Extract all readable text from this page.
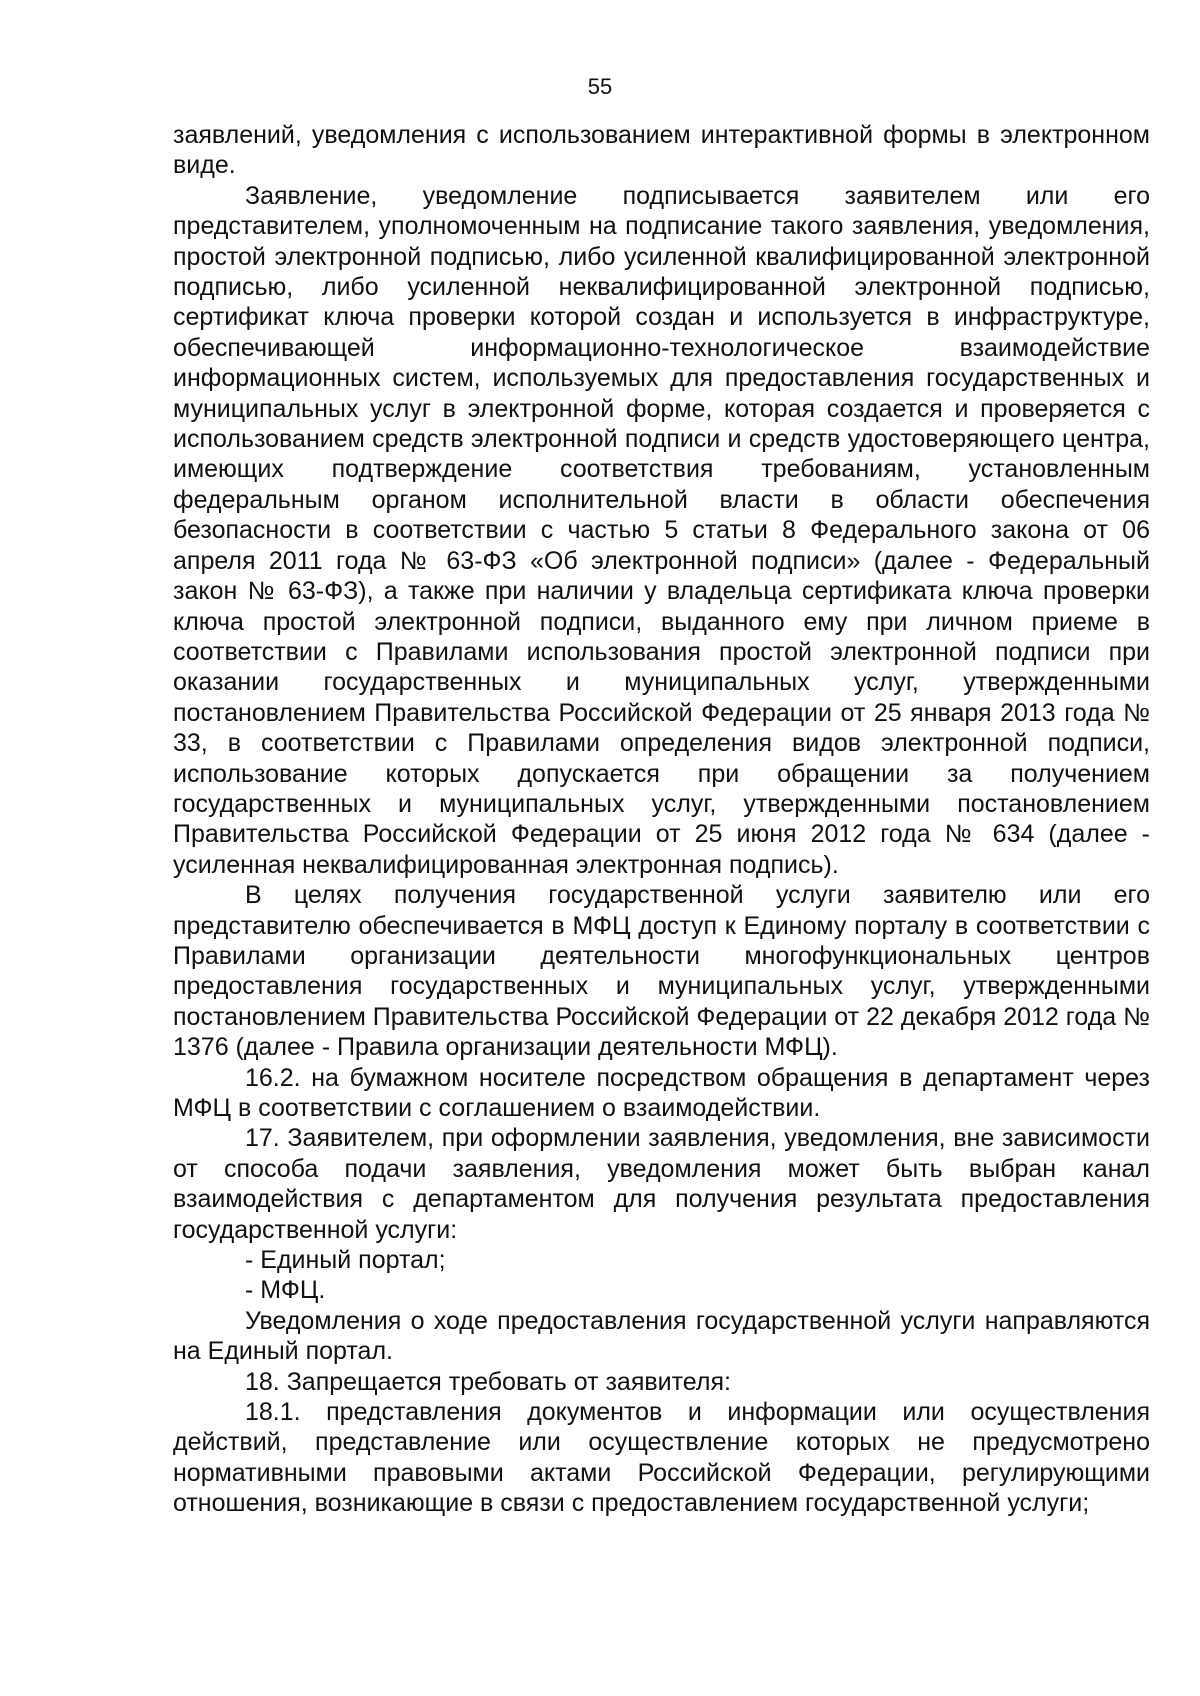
55

заявлений, уведомления с использованием интерактивной формы в электронном виде.

Заявление, уведомление подписывается заявителем или его представителем, уполномоченным на подписание такого заявления, уведомления, простой электронной подписью, либо усиленной квалифицированной электронной подписью, либо усиленной неквалифицированной электронной подписью, сертификат ключа проверки которой создан и используется в инфраструктуре, обеспечивающей информационно-технологическое взаимодействие информационных систем, используемых для предоставления государственных и муниципальных услуг в электронной форме, которая создается и проверяется с использованием средств электронной подписи и средств удостоверяющего центра, имеющих подтверждение соответствия требованиям, установленным федеральным органом исполнительной власти в области обеспечения безопасности в соответствии с частью 5 статьи 8 Федерального закона от 06 апреля 2011 года № 63-ФЗ «Об электронной подписи» (далее - Федеральный закон № 63-ФЗ), а также при наличии у владельца сертификата ключа проверки ключа простой электронной подписи, выданного ему при личном приеме в соответствии с Правилами использования простой электронной подписи при оказании государственных и муниципальных услуг, утвержденными постановлением Правительства Российской Федерации от 25 января 2013 года № 33, в соответствии с Правилами определения видов электронной подписи, использование которых допускается при обращении за получением государственных и муниципальных услуг, утвержденными постановлением Правительства Российской Федерации от 25 июня 2012 года № 634 (далее - усиленная неквалифицированная электронная подпись).

В целях получения государственной услуги заявителю или его представителю обеспечивается в МФЦ доступ к Единому порталу в соответствии с Правилами организации деятельности многофункциональных центров предоставления государственных и муниципальных услуг, утвержденными постановлением Правительства Российской Федерации от 22 декабря 2012 года № 1376 (далее - Правила организации деятельности МФЦ).

16.2. на бумажном носителе посредством обращения в департамент через МФЦ в соответствии с соглашением о взаимодействии.

17. Заявителем, при оформлении заявления, уведомления, вне зависимости от способа подачи заявления, уведомления может быть выбран канал взаимодействия с департаментом для получения результата предоставления государственной услуги:

- Единый портал;

- МФЦ.

Уведомления о ходе предоставления государственной услуги направляются на Единый портал.

18. Запрещается требовать от заявителя:

18.1. представления документов и информации или осуществления действий, представление или осуществление которых не предусмотрено нормативными правовыми актами Российской Федерации, регулирующими отношения, возникающие в связи с предоставлением государственной услуги;
